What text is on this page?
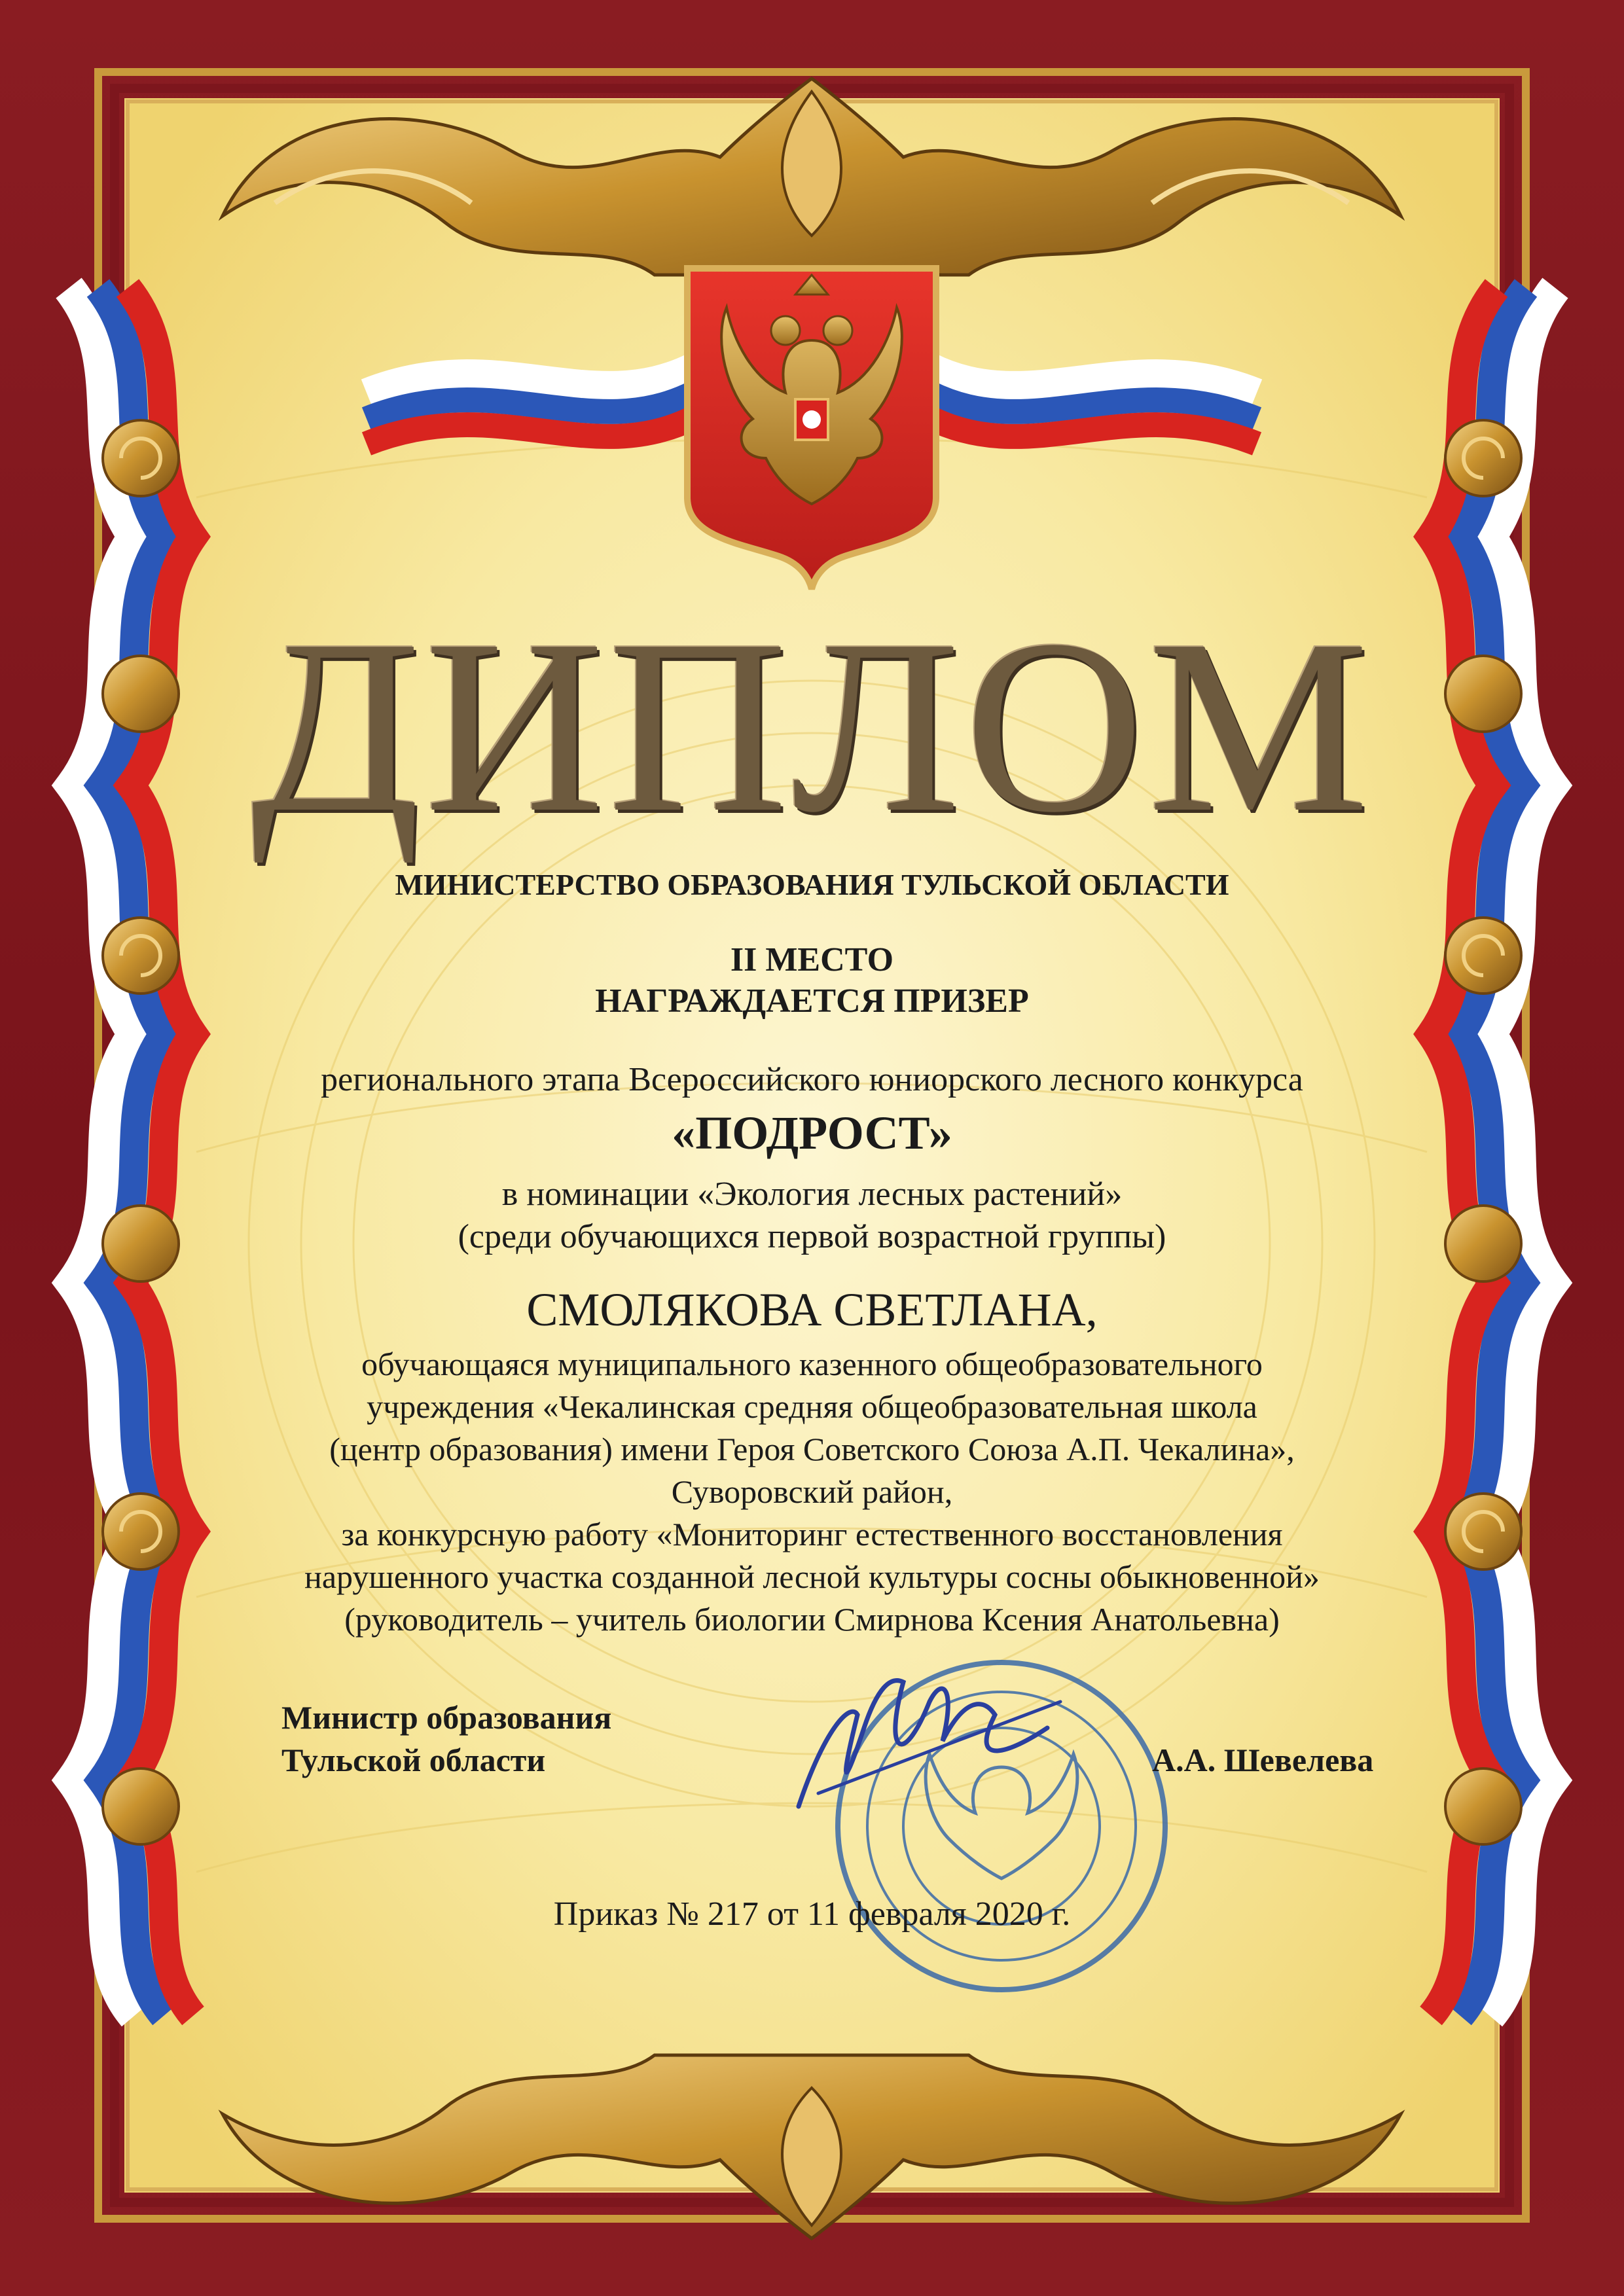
ДИПЛОМ
МИНИСТЕРСТВО ОБРАЗОВАНИЯ ТУЛЬСКОЙ ОБЛАСТИ
II МЕСТО
НАГРАЖДАЕТСЯ ПРИЗЕР
регионального этапа Всероссийского юниорского лесного конкурса
«ПОДРОСТ»
в номинации «Экология лесных растений»
(среди обучающихся первой возрастной группы)
СМОЛЯКОВА СВЕТЛАНА,
обучающаяся муниципального казенного общеобразовательного
учреждения «Чекалинская средняя общеобразовательная школа
(центр образования) имени Героя Советского Союза А.П. Чекалина»,
Суворовский район,
за конкурсную работу «Мониторинг естественного восстановления
нарушенного участка созданной лесной культуры сосны обыкновенной»
(руководитель – учитель биологии Смирнова Ксения Анатольевна)
Министр образования
Тульской области	А.А. Шевелева
Приказ № 217 от 11 февраля 2020 г.
